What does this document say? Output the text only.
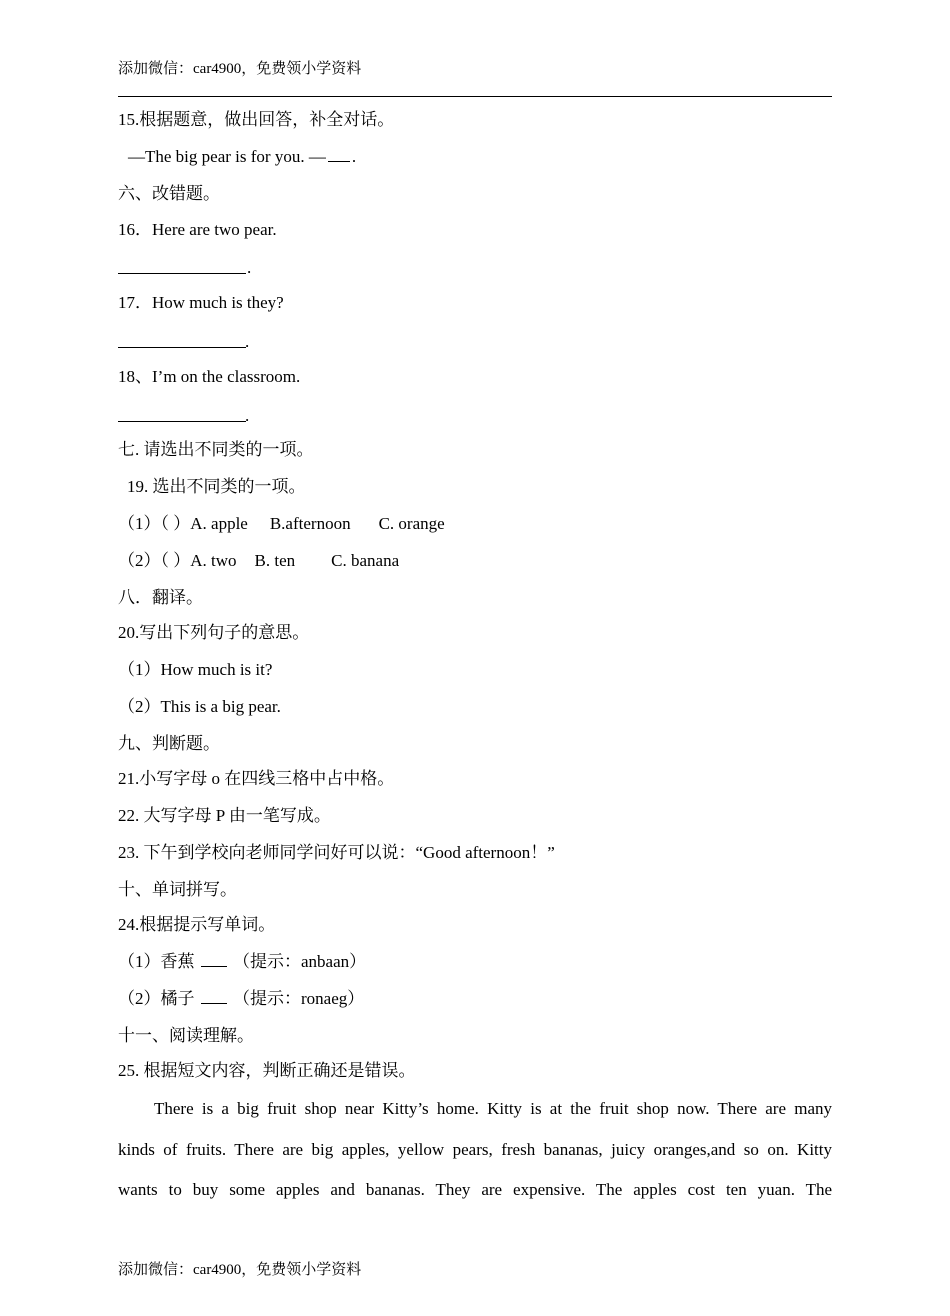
添加微信：car4900，免费领小学资料
15.根据题意，做出回答，补全对话。
—The big pear is for you. — .
六、改错题。
16．Here are two pear.
.
17．How much is they?
.
18、I’m on the classroom.
.
七. 请选出不同类的一项。
19. 选出不同类的一项。
（1）（ ）A. apple B.afternoon C. orange
（2）（ ）A. two B. ten C. banana
八．翻译。
20.写出下列句子的意思。
（1）How much is it?
（2）This is a big pear.
九、判断题。
21.小写字母 o 在四线三格中占中格。
22. 大写字母 P 由一笔写成。
23. 下午到学校向老师同学问好可以说：“Good afternoon！”
十、单词拼写。
24.根据提示写单词。
（1）香蕉 （提示：anbaan）
（2）橘子 （提示：ronaeg）
十一、阅读理解。
25. 根据短文内容，判断正确还是错误。
There is a big fruit shop near Kitty’s home. Kitty is at the fruit shop now. There are many
kinds of fruits. There are big apples, yellow pears, fresh bananas, juicy oranges,and so on. Kitty
wants to buy some apples and bananas. They are expensive. The apples cost ten yuan. The
添加微信：car4900，免费领小学资料
